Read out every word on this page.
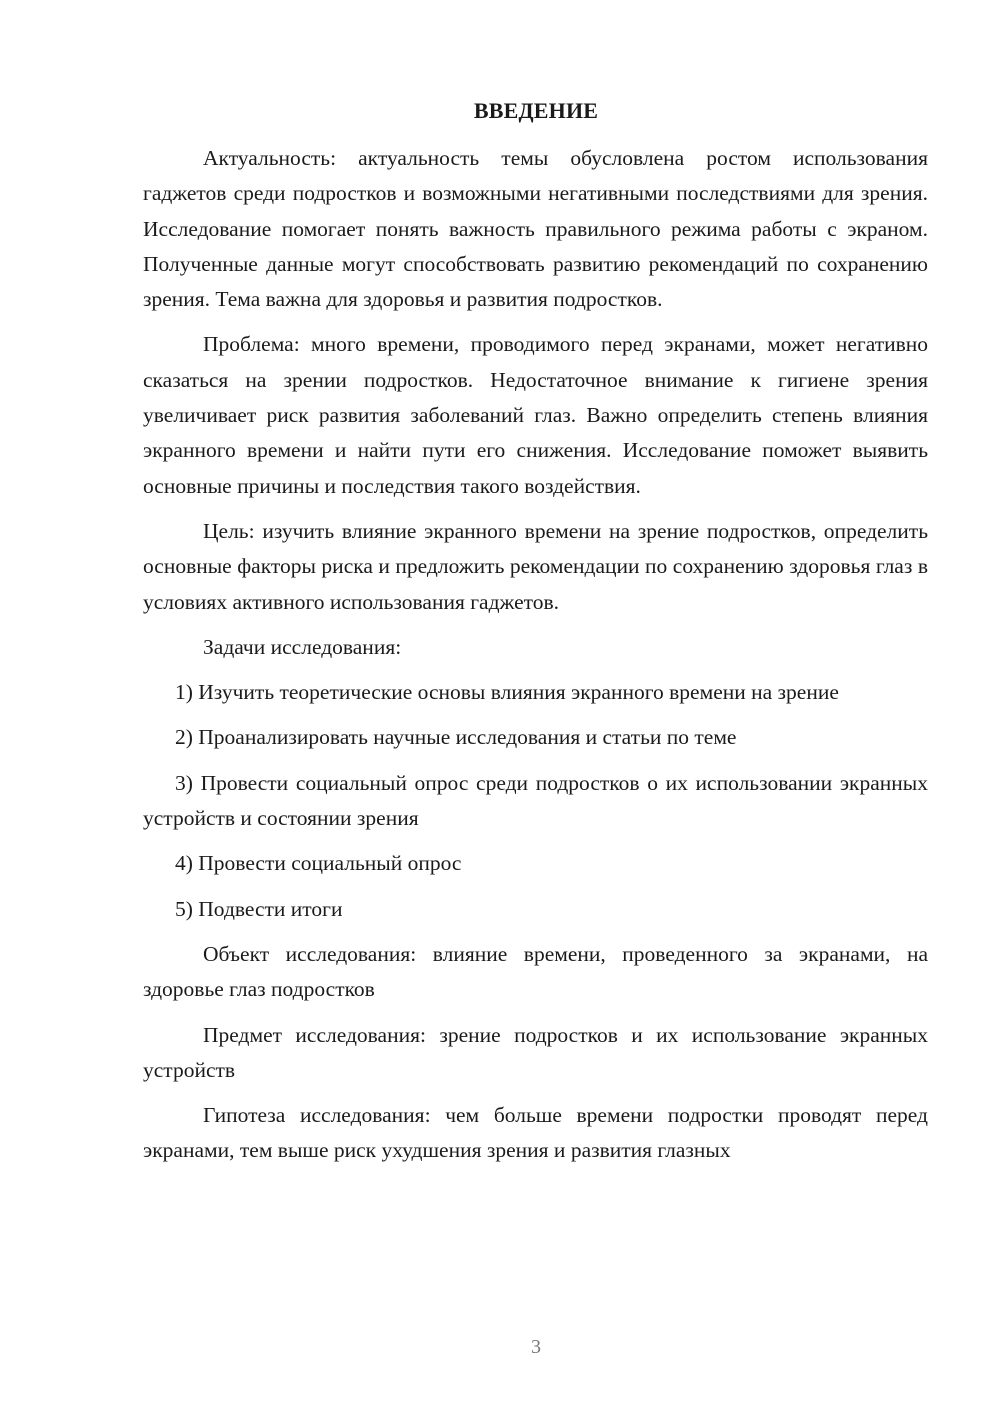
ВВЕДЕНИЕ

Актуальность: актуальность темы обусловлена ростом использования гаджетов среди подростков и возможными негативными последствиями для зрения. Исследование помогает понять важность правильного режима работы с экраном. Полученные данные могут способствовать развитию рекомендаций по сохранению зрения. Тема важна для здоровья и развития подростков.

Проблема: много времени, проводимого перед экранами, может негативно сказаться на зрении подростков. Недостаточное внимание к гигиене зрения увеличивает риск развития заболеваний глаз. Важно определить степень влияния экранного времени и найти пути его снижения. Исследование поможет выявить основные причины и последствия такого воздействия.

Цель: изучить влияние экранного времени на зрение подростков, определить основные факторы риска и предложить рекомендации по сохранению здоровья глаз в условиях активного использования гаджетов.

Задачи исследования:

1) Изучить теоретические основы влияния экранного времени на зрение

2) Проанализировать научные исследования и статьи по теме

3) Провести социальный опрос среди подростков о их использовании экранных устройств и состоянии зрения

4) Провести социальный опрос

5) Подвести итоги

Объект исследования: влияние времени, проведенного за экранами, на здоровье глаз подростков

Предмет исследования: зрение подростков и их использование экранных устройств

Гипотеза исследования: чем больше времени подростки проводят перед экранами, тем выше риск ухудшения зрения и развития глазных

3
